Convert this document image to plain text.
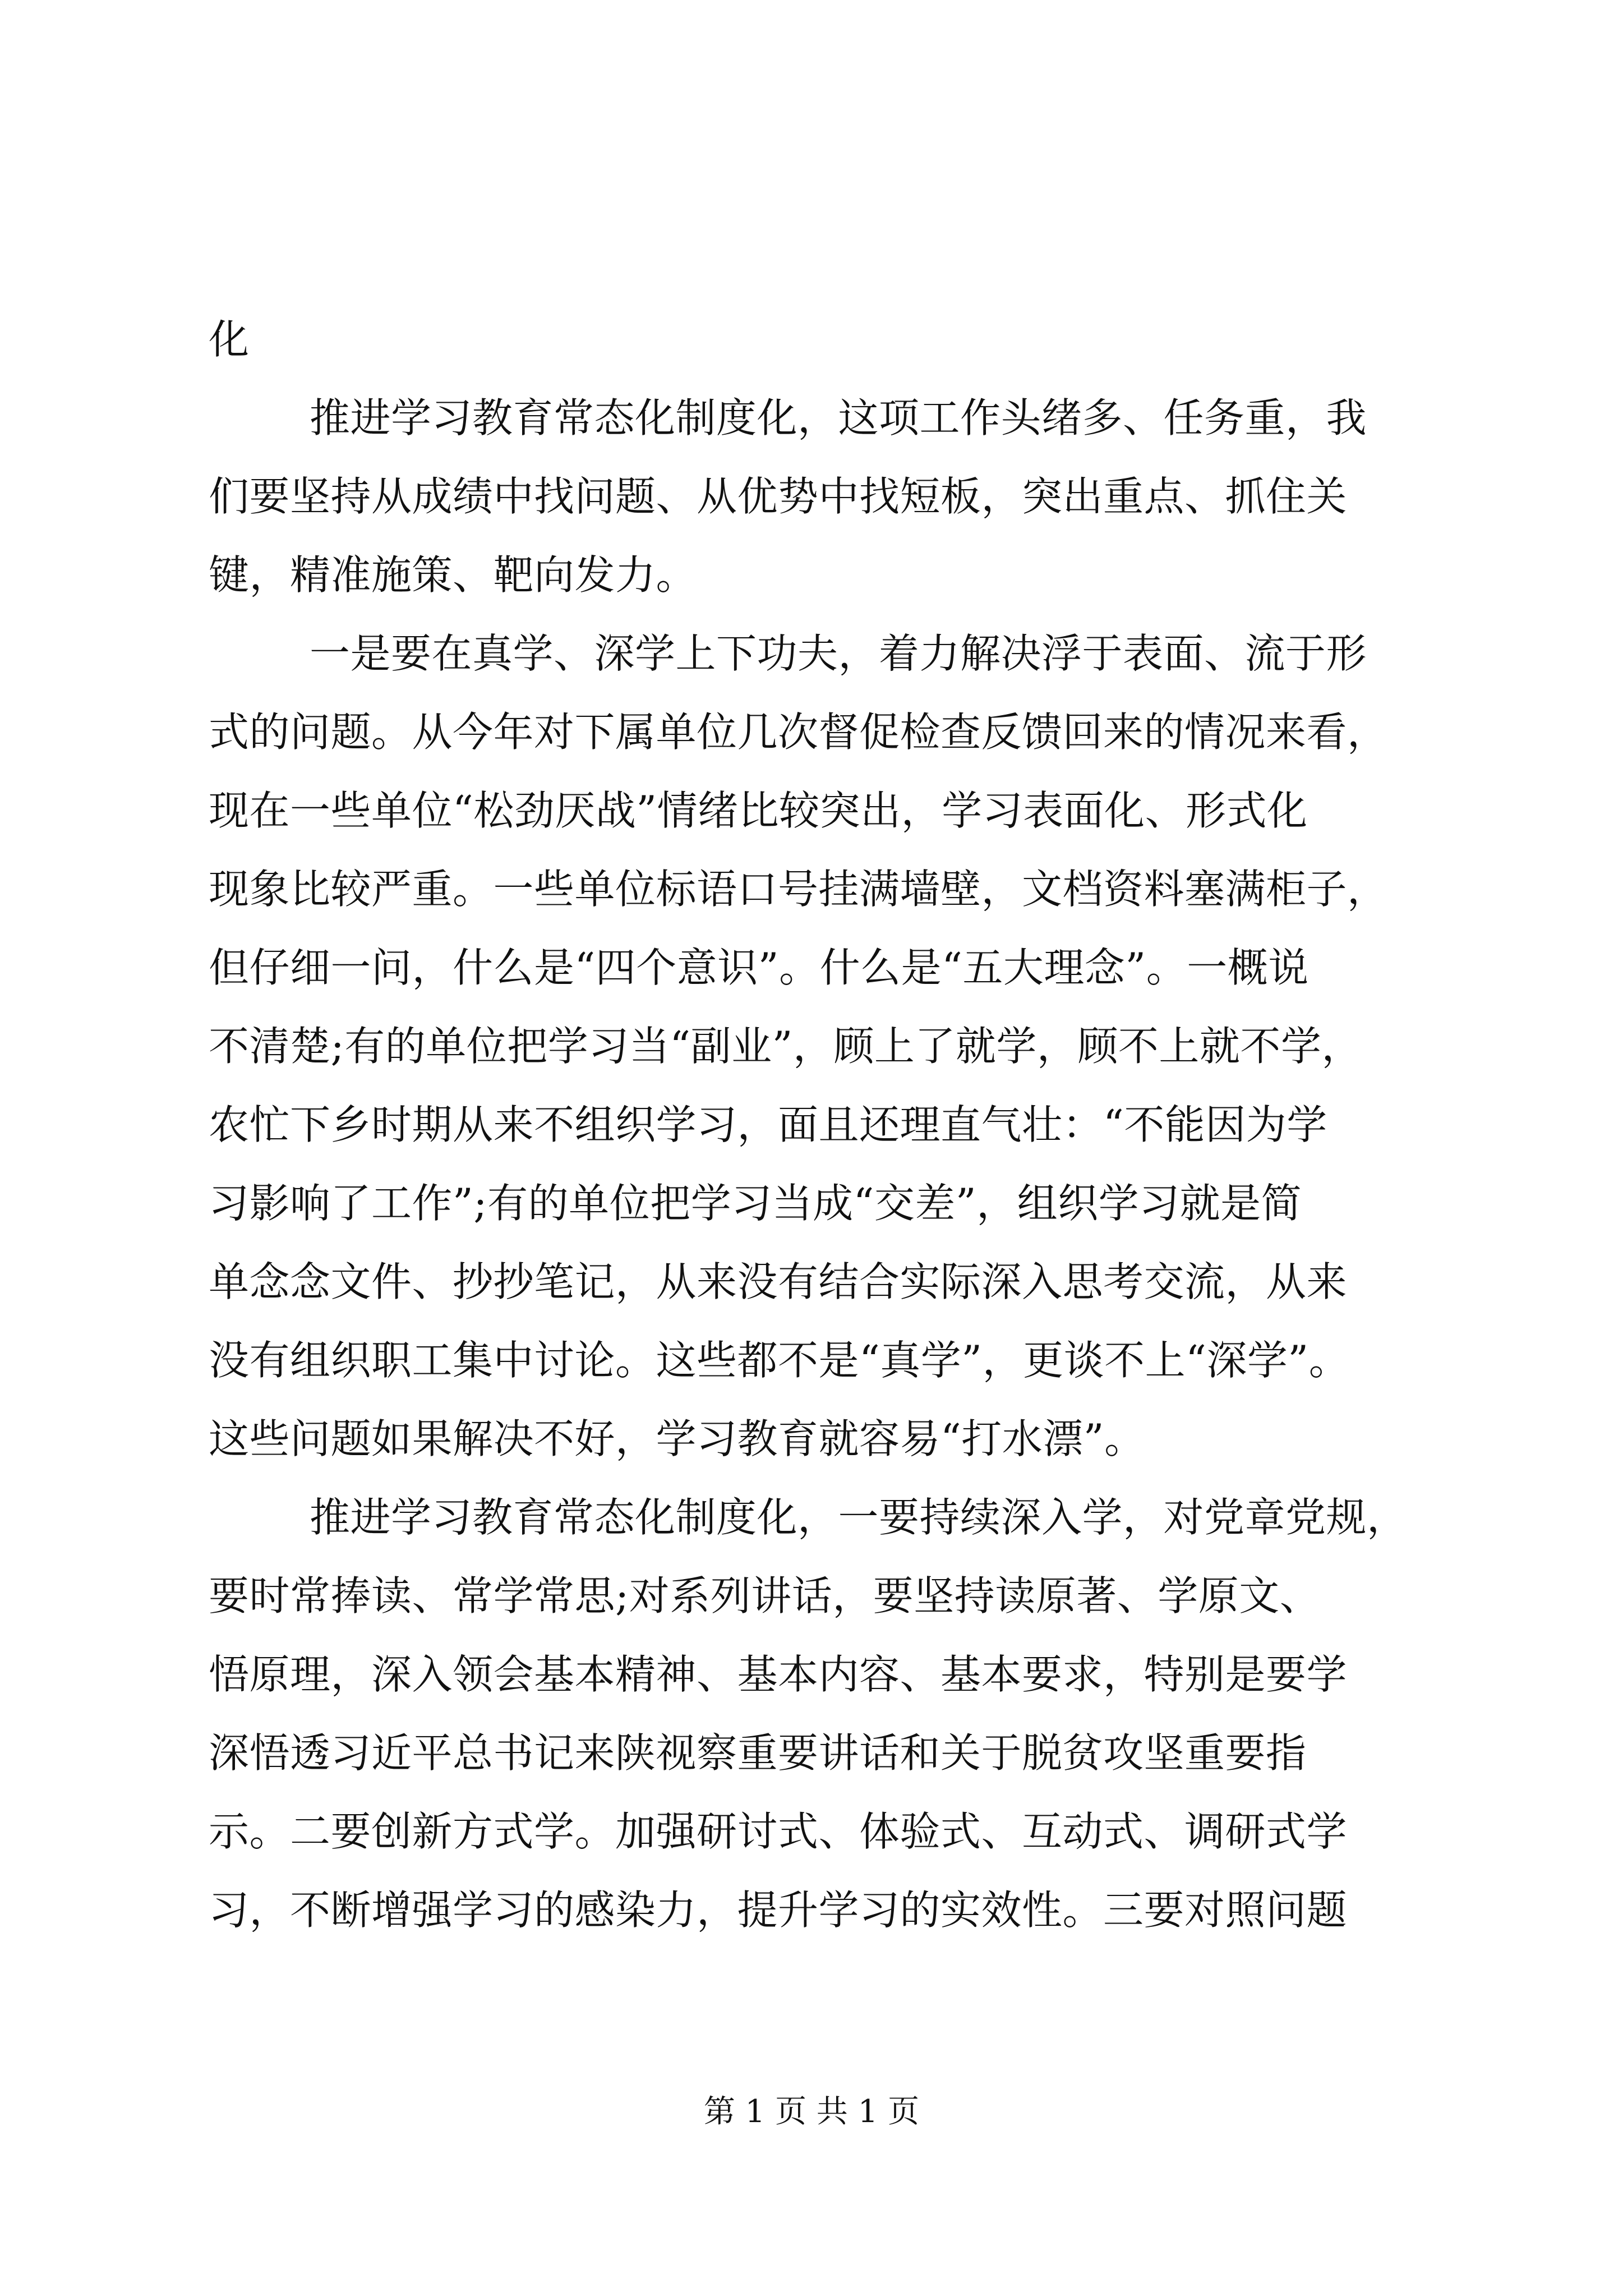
化
推进学习教育常态化制度化，这项工作头绪多、任务重，我
们要坚持从成绩中找问题、从优势中找短板，突出重点、抓住关
键，精准施策、靶向发力。
一是要在真学、深学上下功夫，着力解决浮于表面、流于形
式的问题。从今年对下属单位几次督促检查反馈回来的情况来看，
现在一些单位“松劲厌战”情绪比较突出，学习表面化、形式化
现象比较严重。一些单位标语口号挂满墙壁，文档资料塞满柜子，
但仔细一问，什么是“四个意识”。什么是“五大理念”。一概说
不清楚;有的单位把学习当“副业”，顾上了就学，顾不上就不学，
农忙下乡时期从来不组织学习，面且还理直气壮：“不能因为学
习影响了工作”;有的单位把学习当成“交差”，组织学习就是简
单念念文件、抄抄笔记，从来没有结合实际深入思考交流，从来
没有组织职工集中讨论。这些都不是“真学”，更谈不上“深学”。
这些问题如果解决不好，学习教育就容易“打水漂”。
推进学习教育常态化制度化，一要持续深入学，对党章党规，
要时常捧读、常学常思;对系列讲话，要坚持读原著、学原文、
悟原理，深入领会基本精神、基本内容、基本要求，特别是要学
深悟透习近平总书记来陕视察重要讲话和关于脱贫攻坚重要指
示。二要创新方式学。加强研讨式、体验式、互动式、调研式学
习，不断增强学习的感染力，提升学习的实效性。三要对照问题
第 1 页 共 1 页
